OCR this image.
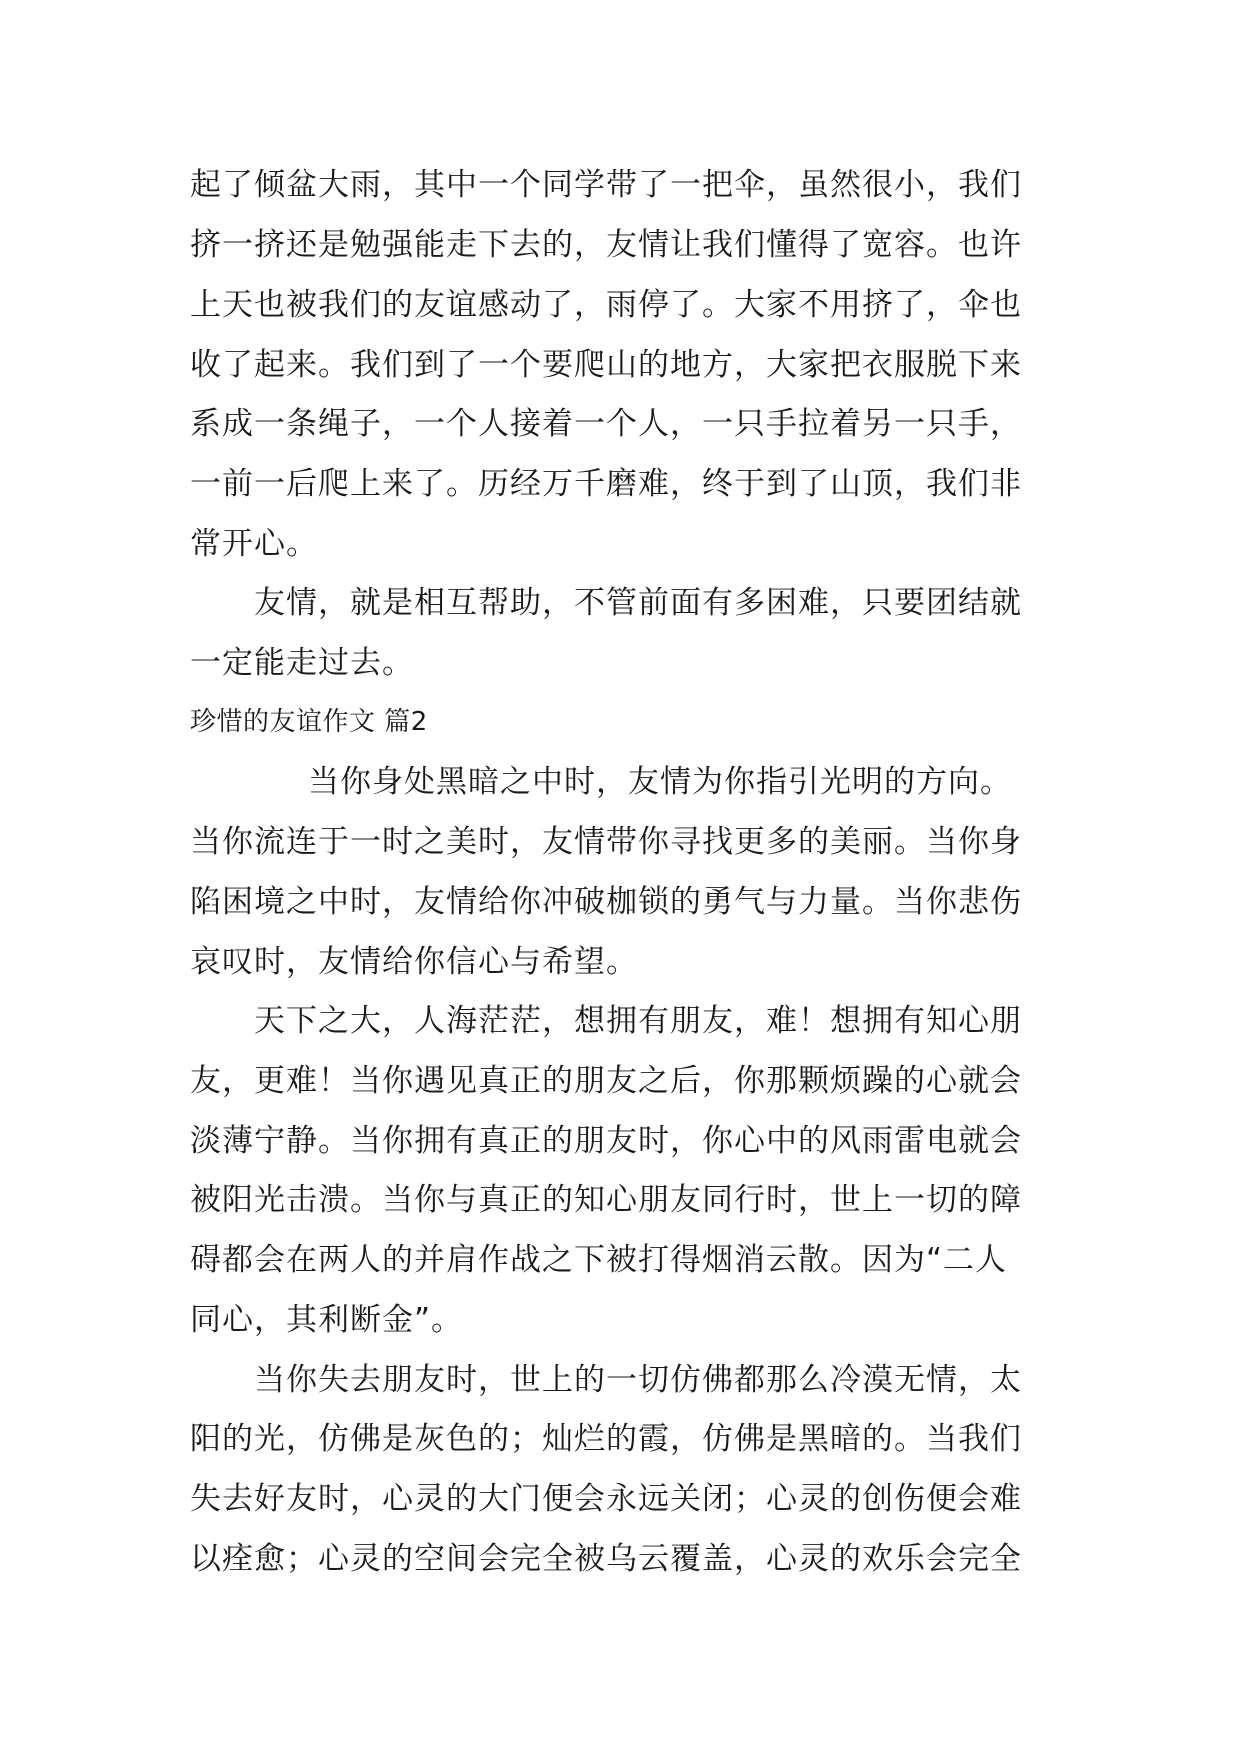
起了倾盆大雨，其中一个同学带了一把伞，虽然很小，我们
挤一挤还是勉强能走下去的，友情让我们懂得了宽容。也许
上天也被我们的友谊感动了，雨停了。大家不用挤了，伞也
收了起来。我们到了一个要爬山的地方，大家把衣服脱下来
系成一条绳子，一个人接着一个人，一只手拉着另一只手，
一前一后爬上来了。历经万千磨难，终于到了山顶，我们非
常开心。
友情，就是相互帮助，不管前面有多困难，只要团结就
一定能走过去。
珍惜的友谊作文 篇2
当你身处黑暗之中时，友情为你指引光明的方向。
当你流连于一时之美时，友情带你寻找更多的美丽。当你身
陷困境之中时，友情给你冲破枷锁的勇气与力量。当你悲伤
哀叹时，友情给你信心与希望。
天下之大，人海茫茫，想拥有朋友，难！想拥有知心朋
友，更难！当你遇见真正的朋友之后，你那颗烦躁的心就会
淡薄宁静。当你拥有真正的朋友时，你心中的风雨雷电就会
被阳光击溃。当你与真正的知心朋友同行时，世上一切的障
碍都会在两人的并肩作战之下被打得烟消云散。因为“二人
同心，其利断金”。
当你失去朋友时，世上的一切仿佛都那么冷漠无情，太
阳的光，仿佛是灰色的；灿烂的霞，仿佛是黑暗的。当我们
失去好友时，心灵的大门便会永远关闭；心灵的创伤便会难
以痊愈；心灵的空间会完全被乌云覆盖，心灵的欢乐会完全
